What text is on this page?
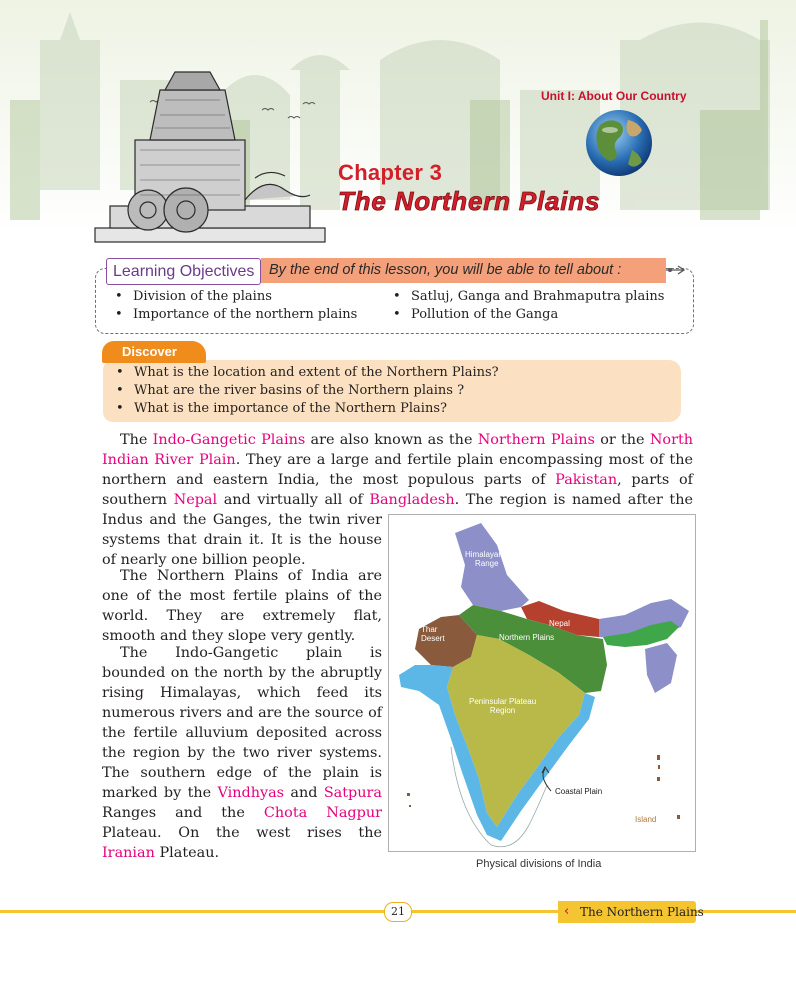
Unit I: About Our Country
Chapter 3
The Northern Plains
Learning Objectives	By the end of this lesson, you will be able to tell about :
• Division of the plains
• Importance of the northern plains
• Satluj, Ganga and Brahmaputra plains
• Pollution of the Ganga
Discover
• What is the location and extent of the Northern Plains?
• What are the river basins of the Northern plains ?
• What is the importance of the Northern Plains?
The Indo-Gangetic Plains are also known as the Northern Plains or the North
Indian River Plain. They are a large and fertile plain encompassing most of the
northern and eastern India, the most populous parts of Pakistan, parts of
southern Nepal and virtually all of Bangladesh. The region is named after the
Indus and the Ganges, the twin river
systems that drain it. It is the house
of nearly one billion people.
The Northern Plains of India are
one of the most fertile plains of the
world. They are extremely flat,
smooth and they slope very gently.
The     Indo-Gangetic     plain     is
bounded on the north by the abruptly
rising  Himalayas,  which  feed  its
numerous rivers and are the source of
the fertile alluvium deposited across
the region by the two river systems.
The southern edge of the plain is
marked by the Vindhyas and Satpura
Ranges   and   the   Chota   Nagpur
Plateau.  On  the  west  rises  the
Iranian Plateau.
Himalayan
Range
Nepal
Thar
Desert	Northern Plains
Peninsular Plateau
Region
Coastal Plain
Island
Physical divisions of India
21	‹ The Northern Plains
